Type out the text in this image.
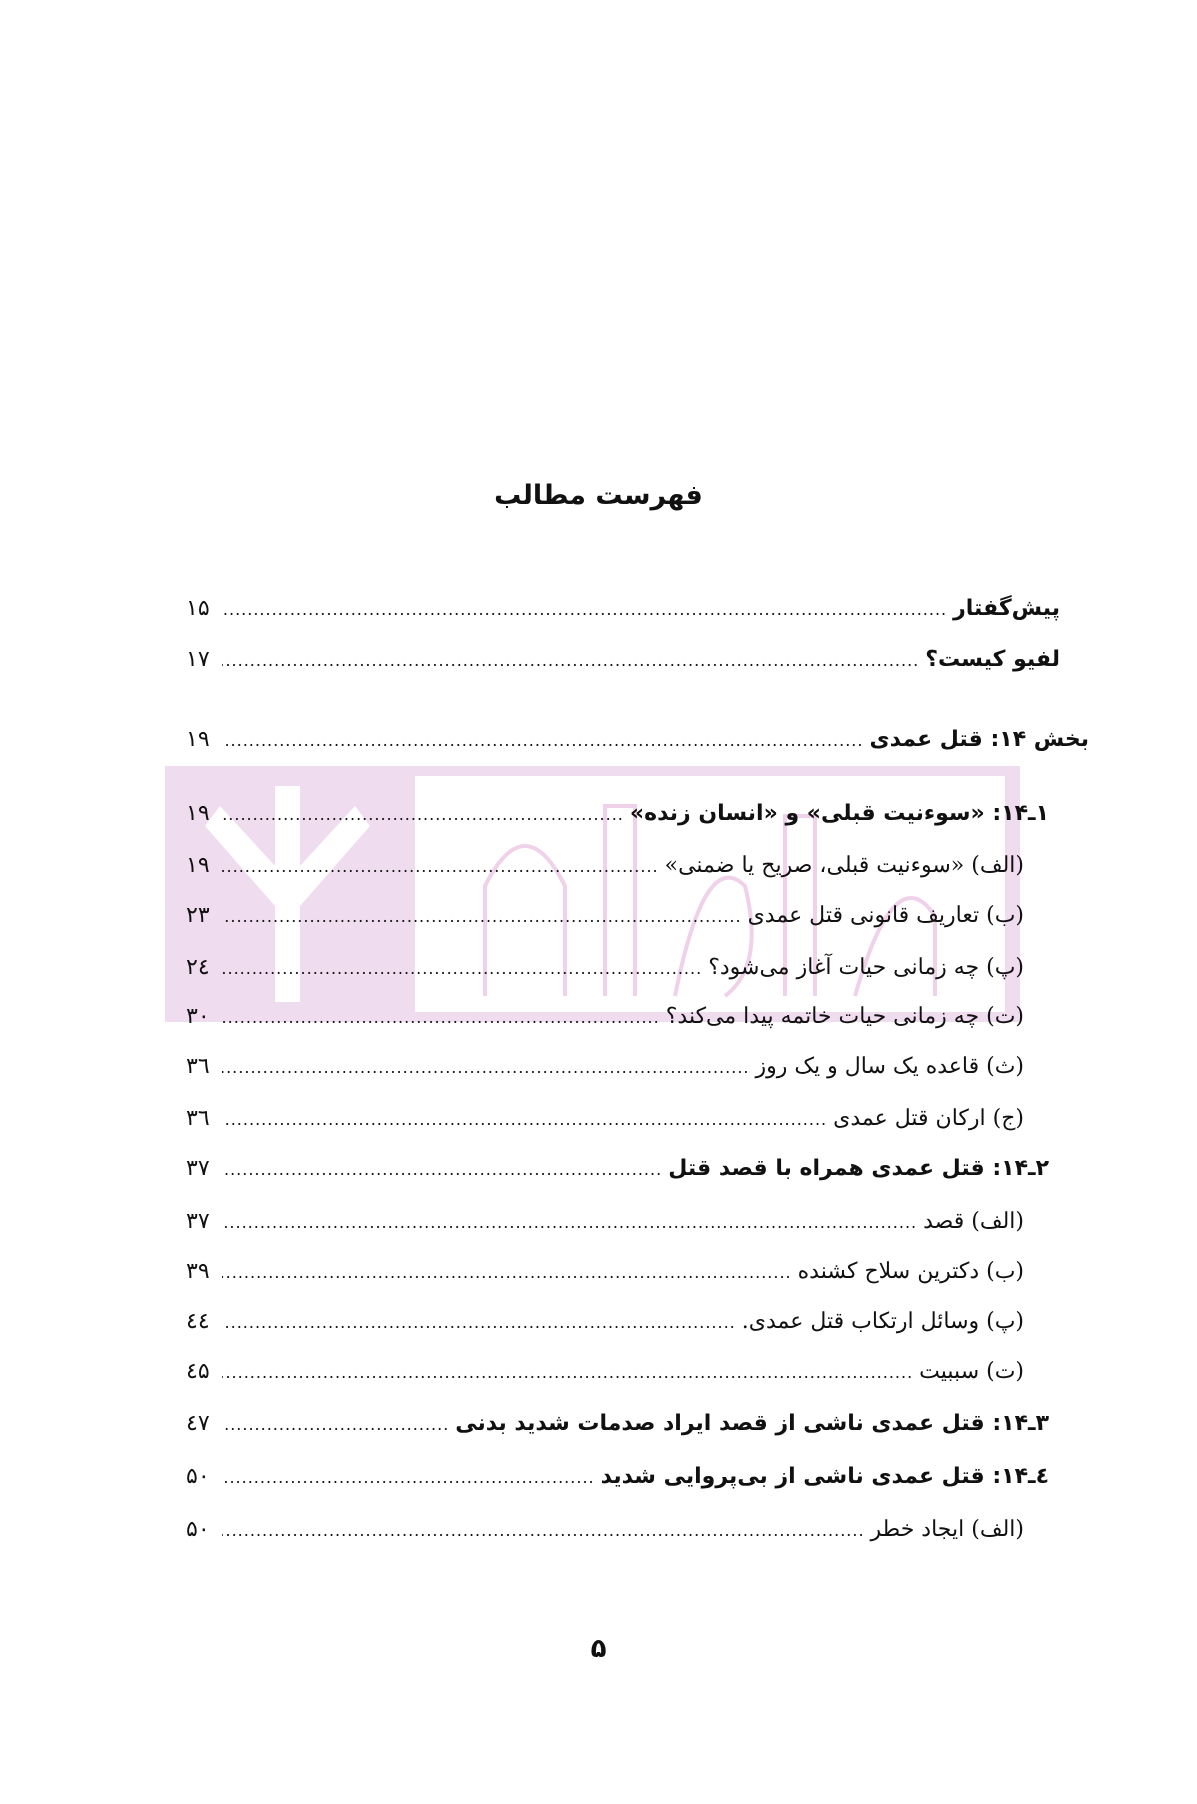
فهرست مطالب
پیش‌گفتار
.....
۱۵
لفیو کیست؟
.....
۱۷
بخش ۱۴: قتل عمدی
.....
۱۹
۱ـ۱۴: «سوءنیت قبلی» و «انسان زنده»
.....
۱۹
(الف) «سوءنیت قبلی، صریح یا ضمنی»
.....
۱۹
(ب) تعاریف قانونی قتل عمدی
.....
۲۳
(پ) چه زمانی حیات آغاز می‌شود؟
.....
۲٤
(ت) چه زمانی حیات خاتمه پیدا می‌کند؟
.....
۳۰
(ث) قاعده یک سال و یک روز
.....
۳٦
(ج) ارکان قتل عمدی
.....
۳٦
۲ـ۱۴: قتل عمدی همراه با قصد قتل
.....
۳۷
(الف) قصد
.....
۳۷
(ب) دکترین سلاح کشنده
.....
۳۹
(پ) وسائل ارتکاب قتل عمدی.
.....
٤٤
(ت) سببیت
.....
٤۵
۳ـ۱۴: قتل عمدی ناشی از قصد ایراد صدمات شدید بدنی
.....
٤۷
٤ـ۱۴: قتل عمدی ناشی از بی‌پروایی شدید
.....
۵۰
(الف) ایجاد خطر
.....
۵۰
۵
